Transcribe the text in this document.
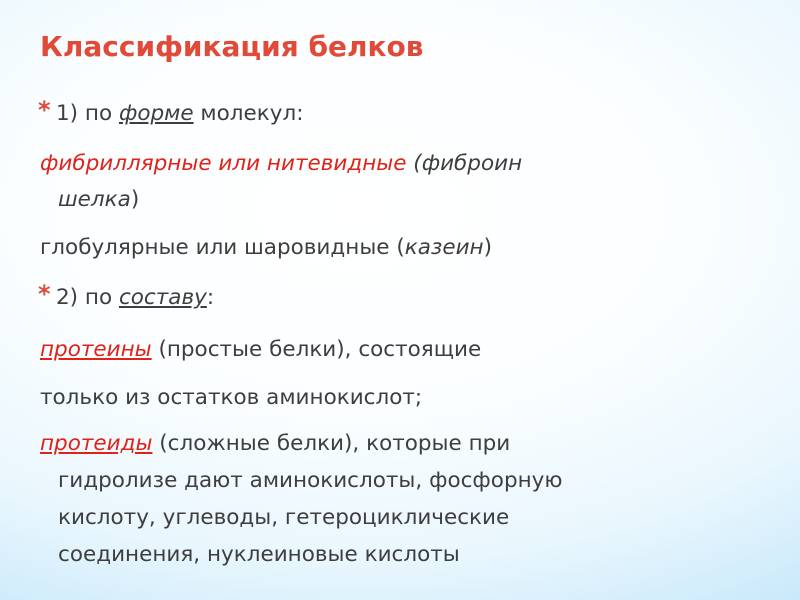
Классификация белков
* 1) по форме молекул:
фибриллярные или нитевидные (фиброин
шелка)
глобулярные или шаровидные (казеин)
* 2) по составу:
протеины (простые белки), состоящие
только из остатков аминокислот;
протеиды (сложные белки), которые при
гидролизе дают аминокислоты, фосфорную
кислоту, углеводы, гетероциклические
соединения, нуклеиновые кислоты
